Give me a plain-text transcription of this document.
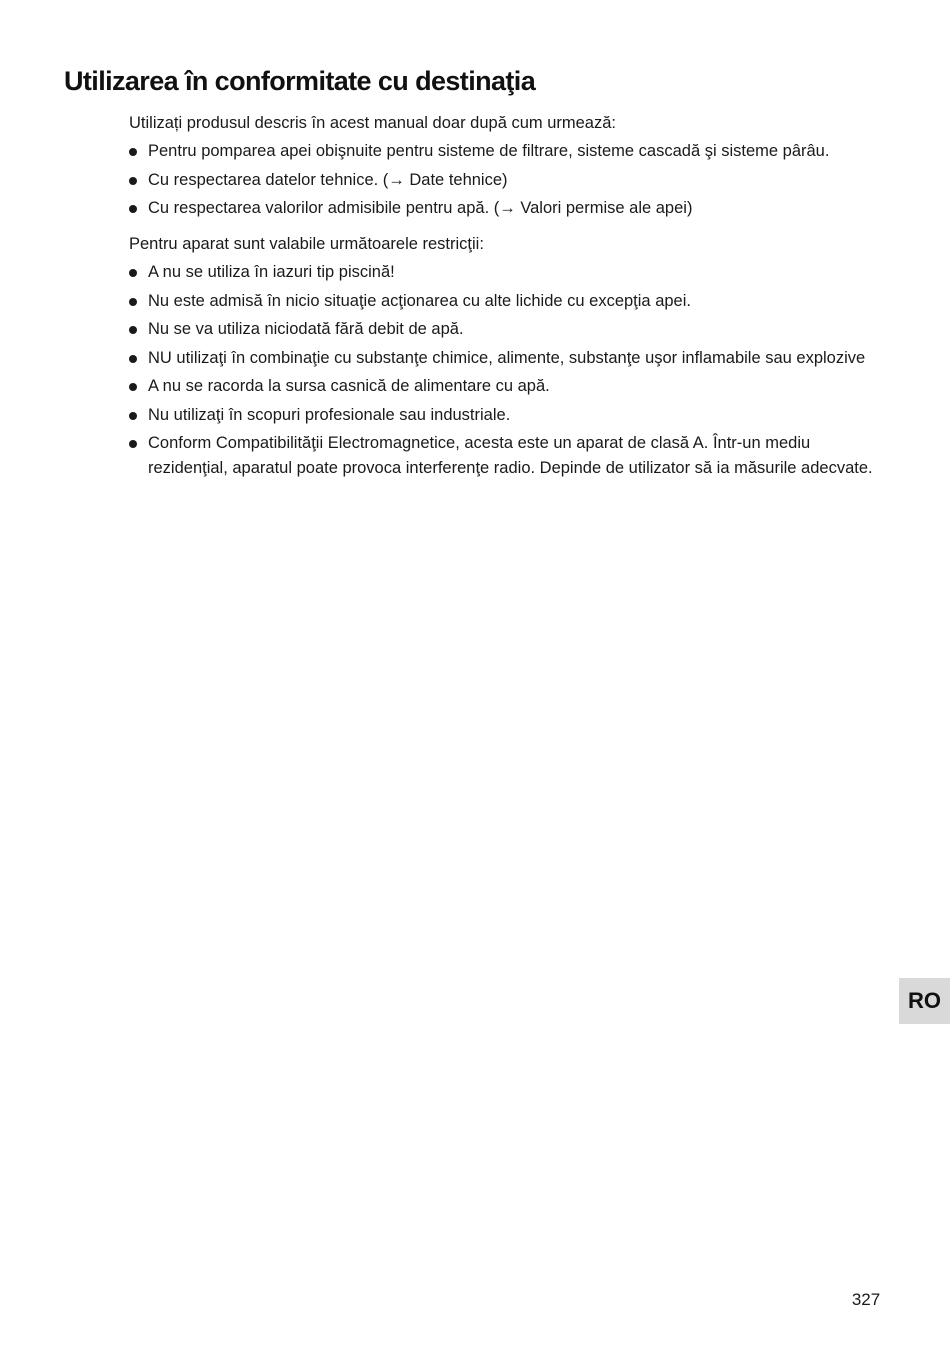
Utilizarea în conformitate cu destinaţia

Utilizați produsul descris în acest manual doar după cum urmează:

Pentru pomparea apei obişnuite pentru sisteme de filtrare, sisteme cascadă şi sisteme pârâu.
Cu respectarea datelor tehnice. (→ Date tehnice)
Cu respectarea valorilor admisibile pentru apă. (→ Valori permise ale apei)

Pentru aparat sunt valabile următoarele restricţii:

A nu se utiliza în iazuri tip piscină!
Nu este admisă în nicio situaţie acţionarea cu alte lichide cu excepţia apei.
Nu se va utiliza niciodată fără debit de apă.
NU utilizaţi în combinaţie cu substanţe chimice, alimente, substanţe uşor inflamabile sau explozive
A nu se racorda la sursa casnică de alimentare cu apă.
Nu utilizaţi în scopuri profesionale sau industriale.
Conform Compatibilităţii Electromagnetice, acesta este un aparat de clasă A. Într-un mediu rezidenţial, aparatul poate provoca interferenţe radio. Depinde de utilizator să ia măsurile adecvate.
RO
327
